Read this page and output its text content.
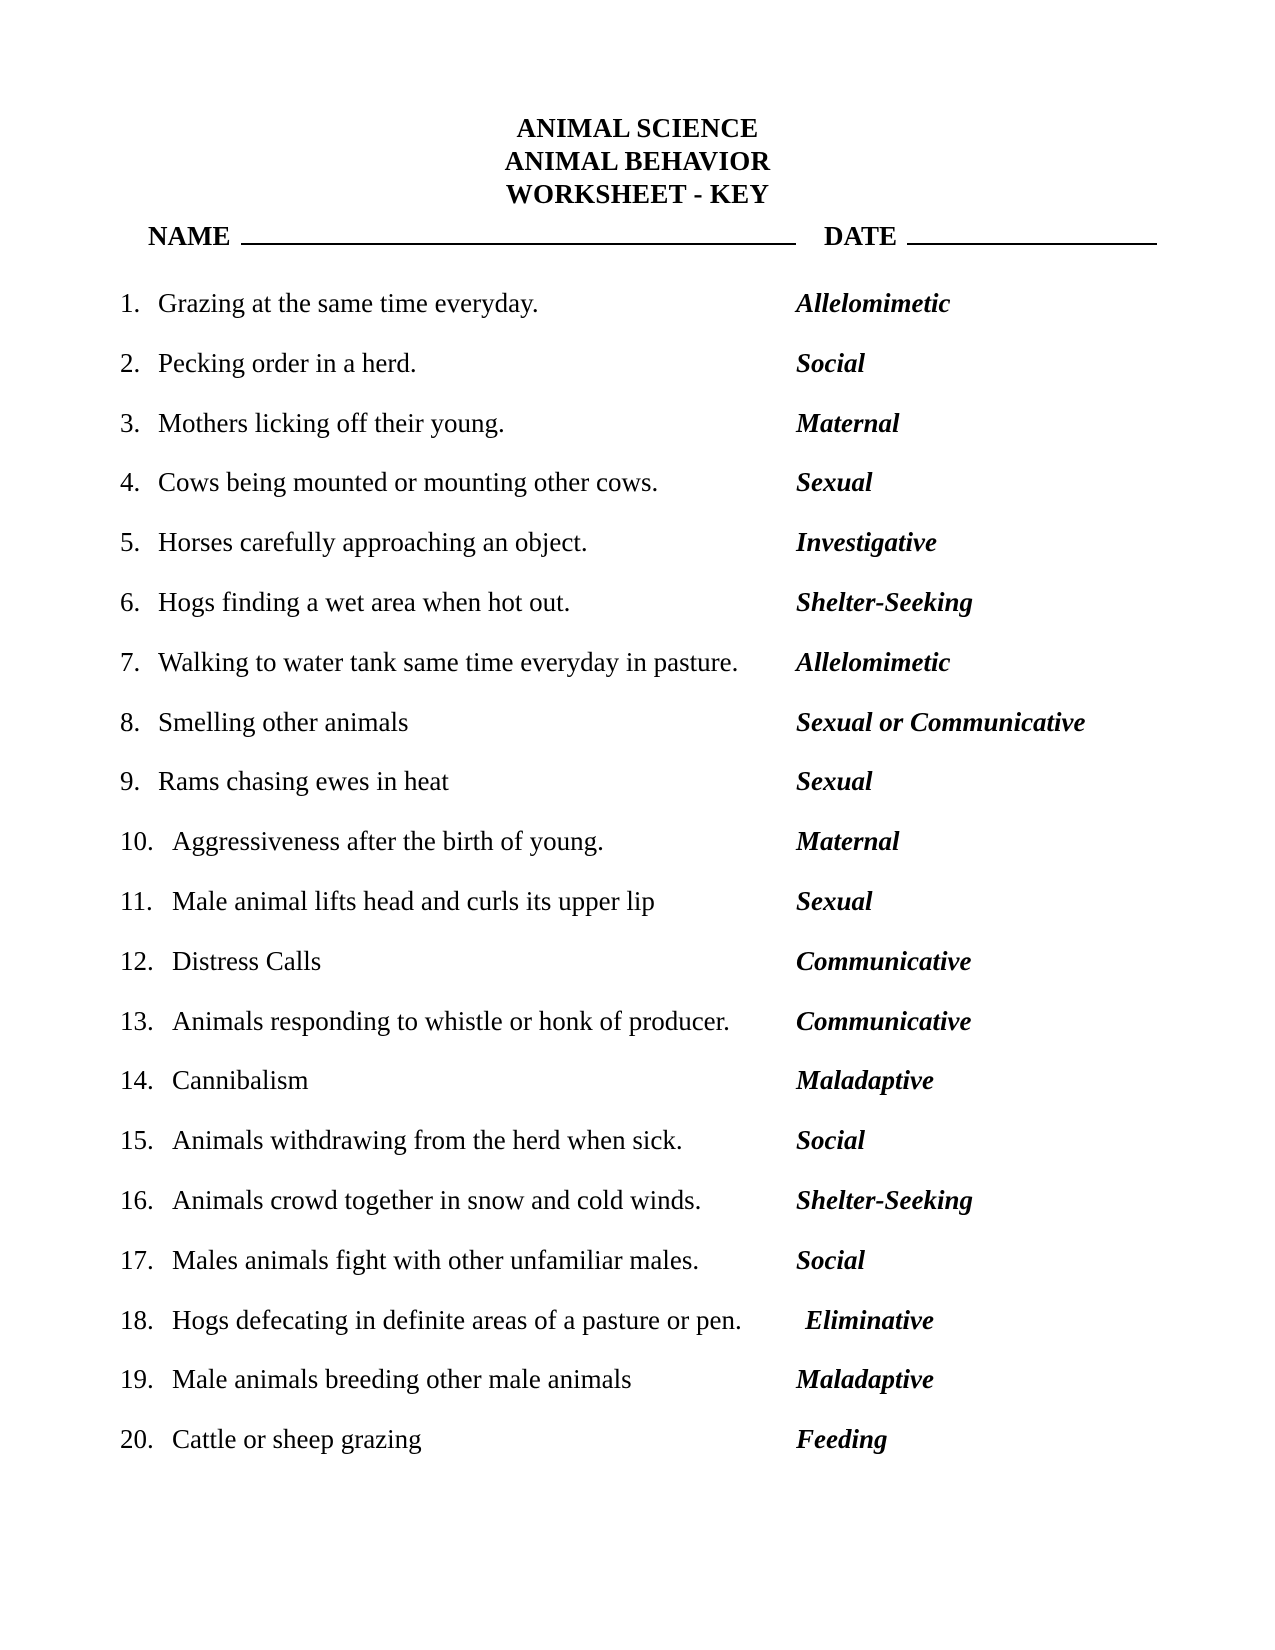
ANIMAL SCIENCE
ANIMAL BEHAVIOR
WORKSHEET - KEY
NAME	DATE
1. Grazing at the same time everyday.	Allelomimetic
2. Pecking order in a herd.	Social
3. Mothers licking off their young.	Maternal
4. Cows being mounted or mounting other cows.	Sexual
5. Horses carefully approaching an object.	Investigative
6. Hogs finding a wet area when hot out.	Shelter-Seeking
7. Walking to water tank same time everyday in pasture. Allelomimetic
8. Smelling other animals	Sexual or Communicative
9. Rams chasing ewes in heat	Sexual
10. Aggressiveness after the birth of young.	Maternal
11. Male animal lifts head and curls its upper lip	Sexual
12. Distress Calls	Communicative
13. Animals responding to whistle or honk of producer. Communicative
14. Cannibalism	Maladaptive
15. Animals withdrawing from the herd when sick.	Social
16. Animals crowd together in snow and cold winds.	Shelter-Seeking
17. Males animals fight with other unfamiliar males.	Social
18. Hogs defecating in definite areas of a pasture or pen. Eliminative
19. Male animals breeding other male animals	Maladaptive
20. Cattle or sheep grazing	Feeding
